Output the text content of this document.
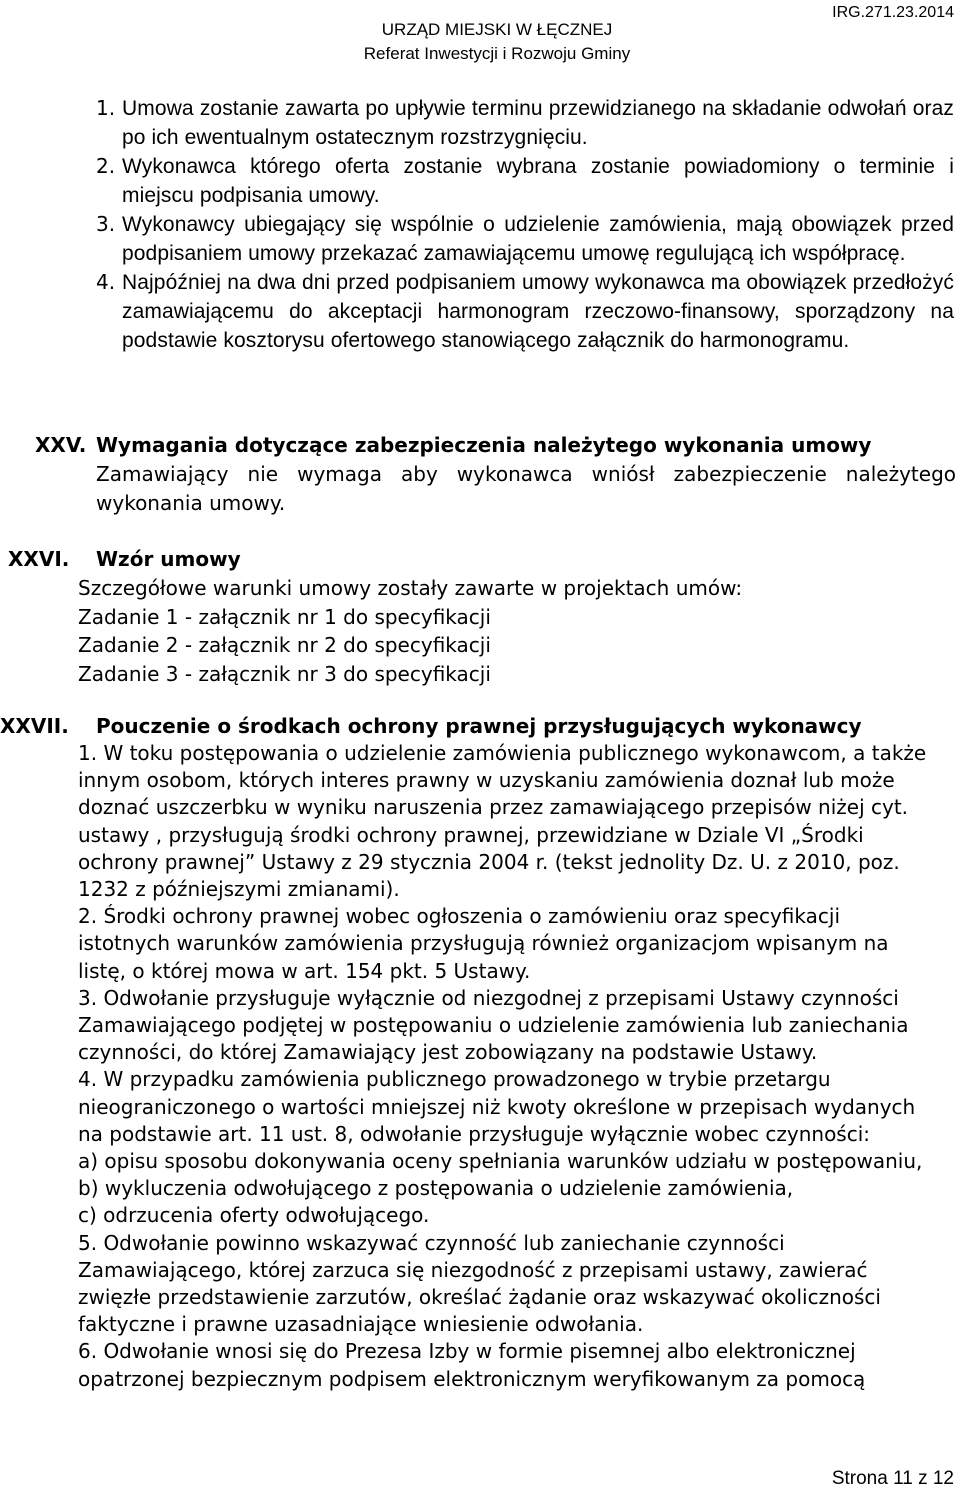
IRG.271.23.2014
URZĄD MIEJSKI W ŁĘCZNEJ
Referat Inwestycji i Rozwoju Gminy
1. Umowa zostanie zawarta po upływie terminu przewidzianego na składanie odwołań oraz po ich ewentualnym ostatecznym rozstrzygnięciu.
2. Wykonawca którego oferta zostanie wybrana zostanie powiadomiony o terminie i miejscu podpisania umowy.
3. Wykonawcy ubiegający się wspólnie o udzielenie zamówienia, mają obowiązek przed podpisaniem umowy przekazać zamawiającemu umowę regulującą ich współpracę.
4. Najpóźniej na dwa dni przed podpisaniem umowy wykonawca ma obowiązek przedłożyć zamawiającemu do akceptacji harmonogram rzeczowo-finansowy, sporządzony na podstawie kosztorysu ofertowego stanowiącego załącznik do harmonogramu.
XXV. Wymagania dotyczące zabezpieczenia należytego wykonania umowy
Zamawiający nie wymaga aby wykonawca wniósł zabezpieczenie należytego wykonania umowy.
XXVI. Wzór umowy
Szczegółowe warunki umowy zostały zawarte w projektach umów:
Zadanie 1 - załącznik nr 1 do specyfikacji
Zadanie 2 - załącznik nr 2 do specyfikacji
Zadanie 3 - załącznik nr 3 do specyfikacji
XXVII. Pouczenie o środkach ochrony prawnej przysługujących wykonawcy
1. W toku postępowania o udzielenie zamówienia publicznego wykonawcom, a także
innym osobom, których interes prawny w uzyskaniu zamówienia doznał lub może
doznać uszczerbku w wyniku naruszenia przez zamawiającego przepisów niżej cyt.
ustawy , przysługują środki ochrony prawnej, przewidziane w Dziale VI „Środki
ochrony prawnej” Ustawy z 29 stycznia 2004 r. (tekst jednolity Dz. U. z 2010, poz.
1232 z późniejszymi zmianami).
2. Środki ochrony prawnej wobec ogłoszenia o zamówieniu oraz specyfikacji
istotnych warunków zamówienia przysługują również organizacjom wpisanym na
listę, o której mowa w art. 154 pkt. 5 Ustawy.
3. Odwołanie przysługuje wyłącznie od niezgodnej z przepisami Ustawy czynności
Zamawiającego podjętej w postępowaniu o udzielenie zamówienia lub zaniechania
czynności, do której Zamawiający jest zobowiązany na podstawie Ustawy.
4. W przypadku zamówienia publicznego prowadzonego w trybie przetargu
nieograniczonego o wartości mniejszej niż kwoty określone w przepisach wydanych
na podstawie art. 11 ust. 8, odwołanie przysługuje wyłącznie wobec czynności:
a) opisu sposobu dokonywania oceny spełniania warunków udziału w postępowaniu,
b) wykluczenia odwołującego z postępowania o udzielenie zamówienia,
c) odrzucenia oferty odwołującego.
5. Odwołanie powinno wskazywać czynność lub zaniechanie czynności
Zamawiającego, której zarzuca się niezgodność z przepisami ustawy, zawierać
zwięzłe przedstawienie zarzutów, określać żądanie oraz wskazywać okoliczności
faktyczne i prawne uzasadniające wniesienie odwołania.
6. Odwołanie wnosi się do Prezesa Izby w formie pisemnej albo elektronicznej
opatrzonej bezpiecznym podpisem elektronicznym weryfikowanym za pomocą
Strona 11 z 12
